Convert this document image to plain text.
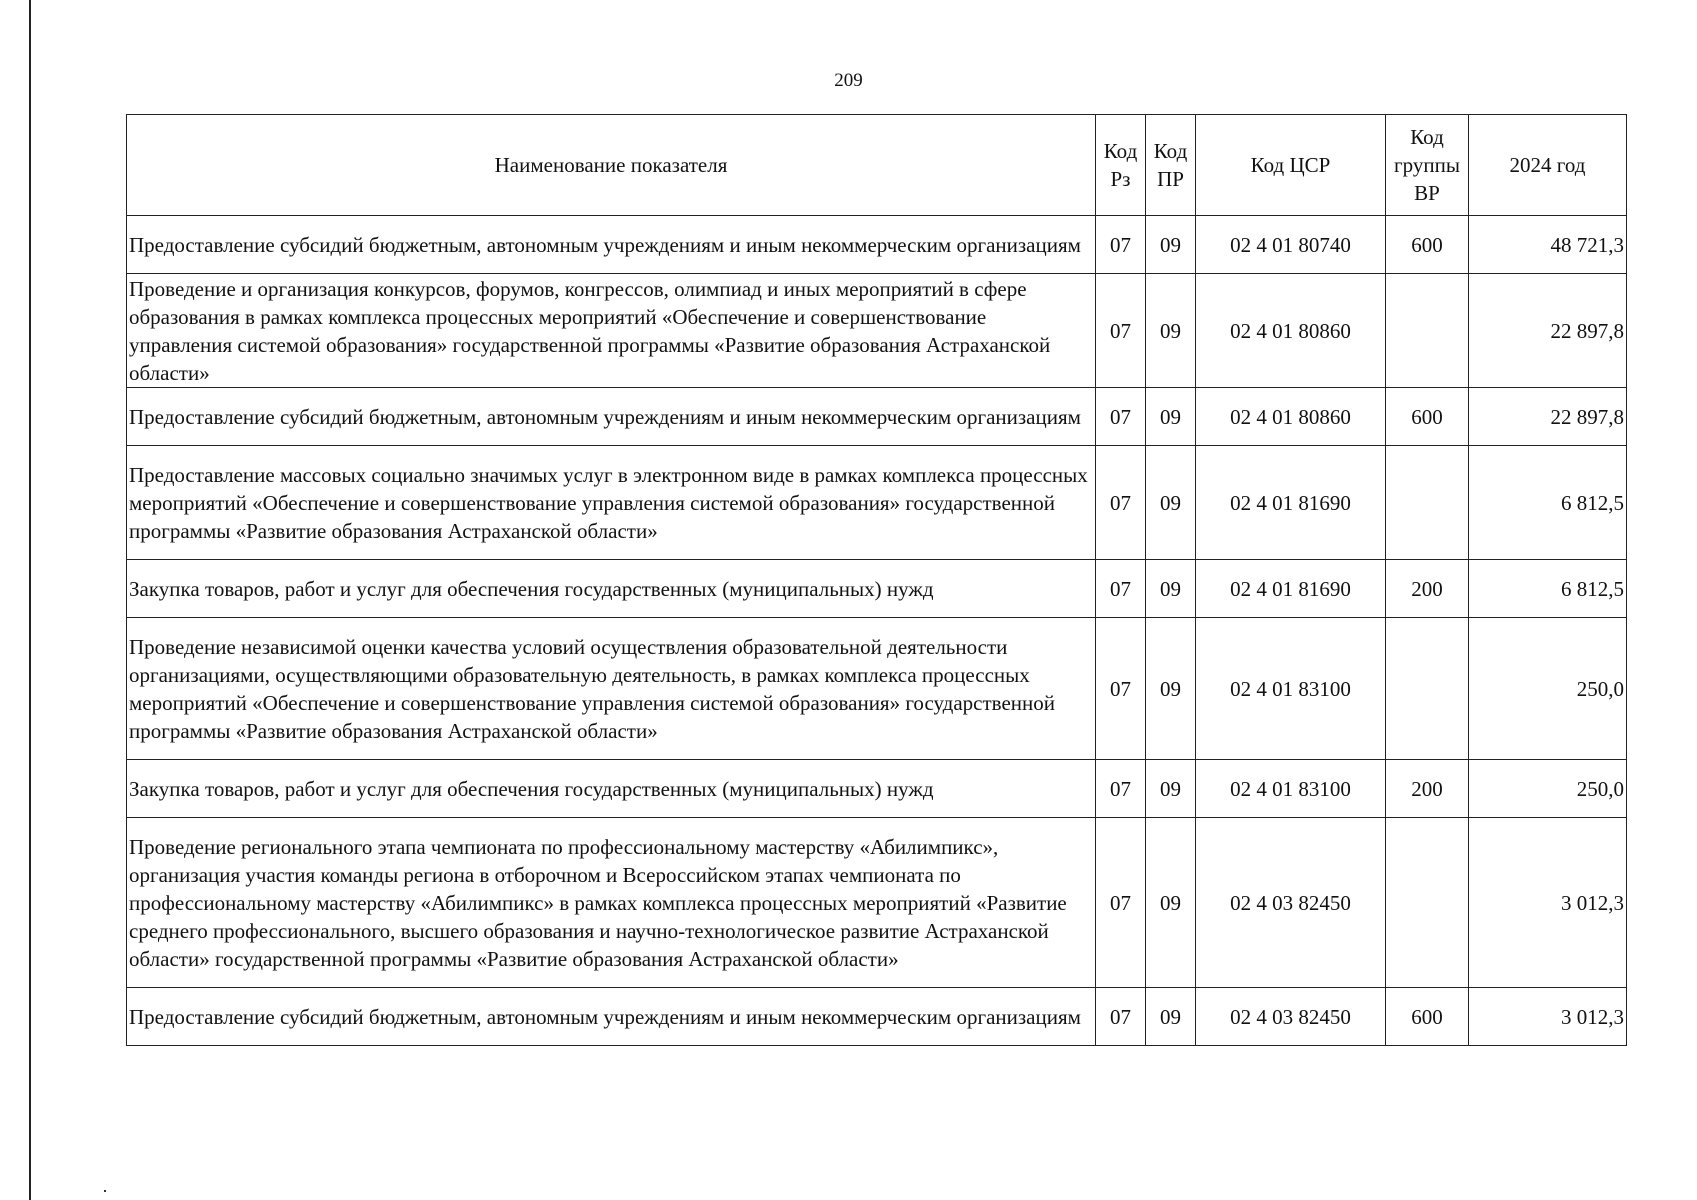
209
Наименование показателя	Код Рз	Код ПР	Код ЦСР	Код группы ВР	2024 год
Предоставление субсидий бюджетным, автономным учреждениям и иным некоммерческим организациям	07	09	02 4 01 80740	600	48 721,3
Проведение и организация конкурсов, форумов, конгрессов, олимпиад и иных мероприятий в сфере образования в рамках комплекса процессных мероприятий «Обеспечение и совершенствование управления системой образования» государственной программы «Развитие образования Астраханской области»	07	09	02 4 01 80860		22 897,8
Предоставление субсидий бюджетным, автономным учреждениям и иным некоммерческим организациям	07	09	02 4 01 80860	600	22 897,8
Предоставление массовых социально значимых услуг в электронном виде в рамках комплекса процессных мероприятий «Обеспечение и совершенствование управления системой образования» государственной программы «Развитие образования Астраханской области»	07	09	02 4 01 81690		6 812,5
Закупка товаров, работ и услуг для обеспечения государственных (муниципальных) нужд	07	09	02 4 01 81690	200	6 812,5
Проведение независимой оценки качества условий осуществления образовательной деятельности организациями, осуществляющими образовательную деятельность, в рамках комплекса процессных мероприятий «Обеспечение и совершенствование управления системой образования» государственной программы «Развитие образования Астраханской области»	07	09	02 4 01 83100		250,0
Закупка товаров, работ и услуг для обеспечения государственных (муниципальных) нужд	07	09	02 4 01 83100	200	250,0
Проведение регионального этапа чемпионата по профессиональному мастерству «Абилимпикс», организация участия команды региона в отборочном и Всероссийском этапах чемпионата по профессиональному мастерству «Абилимпикс» в рамках комплекса процессных мероприятий «Развитие среднего профессионального, высшего образования и научно-технологическое развитие Астраханской области» государственной программы «Развитие образования Астраханской области»	07	09	02 4 03 82450		3 012,3
Предоставление субсидий бюджетным, автономным учреждениям и иным некоммерческим организациям	07	09	02 4 03 82450	600	3 012,3
